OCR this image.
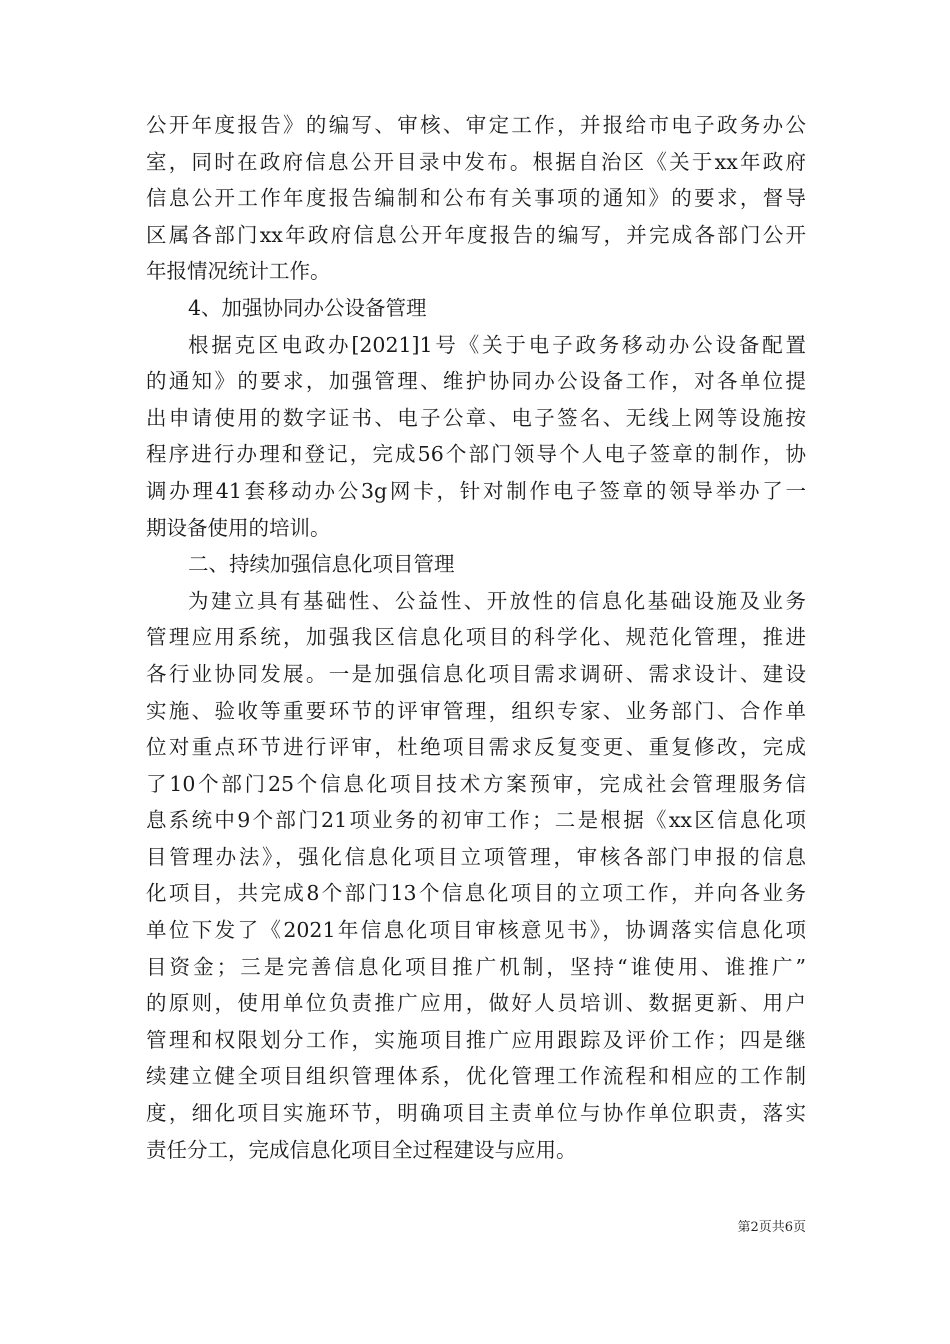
公开年度报告》的编写、审核、审定工作，并报给市电子政务办公
室，同时在政府信息公开目录中发布。根据自治区《关于xx年政府
信息公开工作年度报告编制和公布有关事项的通知》的要求，督导
区属各部门xx年政府信息公开年度报告的编写，并完成各部门公开
年报情况统计工作。
4、加强协同办公设备管理
根据克区电政办[2021]1号《关于电子政务移动办公设备配置
的通知》的要求，加强管理、维护协同办公设备工作，对各单位提
出申请使用的数字证书、电子公章、电子签名、无线上网等设施按
程序进行办理和登记，完成56个部门领导个人电子签章的制作，协
调办理41套移动办公3g网卡，针对制作电子签章的领导举办了一
期设备使用的培训。
二、持续加强信息化项目管理
为建立具有基础性、公益性、开放性的信息化基础设施及业务
管理应用系统，加强我区信息化项目的科学化、规范化管理，推进
各行业协同发展。一是加强信息化项目需求调研、需求设计、建设
实施、验收等重要环节的评审管理，组织专家、业务部门、合作单
位对重点环节进行评审，杜绝项目需求反复变更、重复修改，完成
了10个部门25个信息化项目技术方案预审，完成社会管理服务信
息系统中9个部门21项业务的初审工作；二是根据《xx区信息化项
目管理办法》，强化信息化项目立项管理，审核各部门申报的信息
化项目，共完成8个部门13个信息化项目的立项工作，并向各业务
单位下发了《2021年信息化项目审核意见书》，协调落实信息化项
目资金；三是完善信息化项目推广机制，坚持“谁使用、谁推广”
的原则，使用单位负责推广应用，做好人员培训、数据更新、用户
管理和权限划分工作，实施项目推广应用跟踪及评价工作；四是继
续建立健全项目组织管理体系，优化管理工作流程和相应的工作制
度，细化项目实施环节，明确项目主责单位与协作单位职责，落实
责任分工，完成信息化项目全过程建设与应用。
第2页共6页
